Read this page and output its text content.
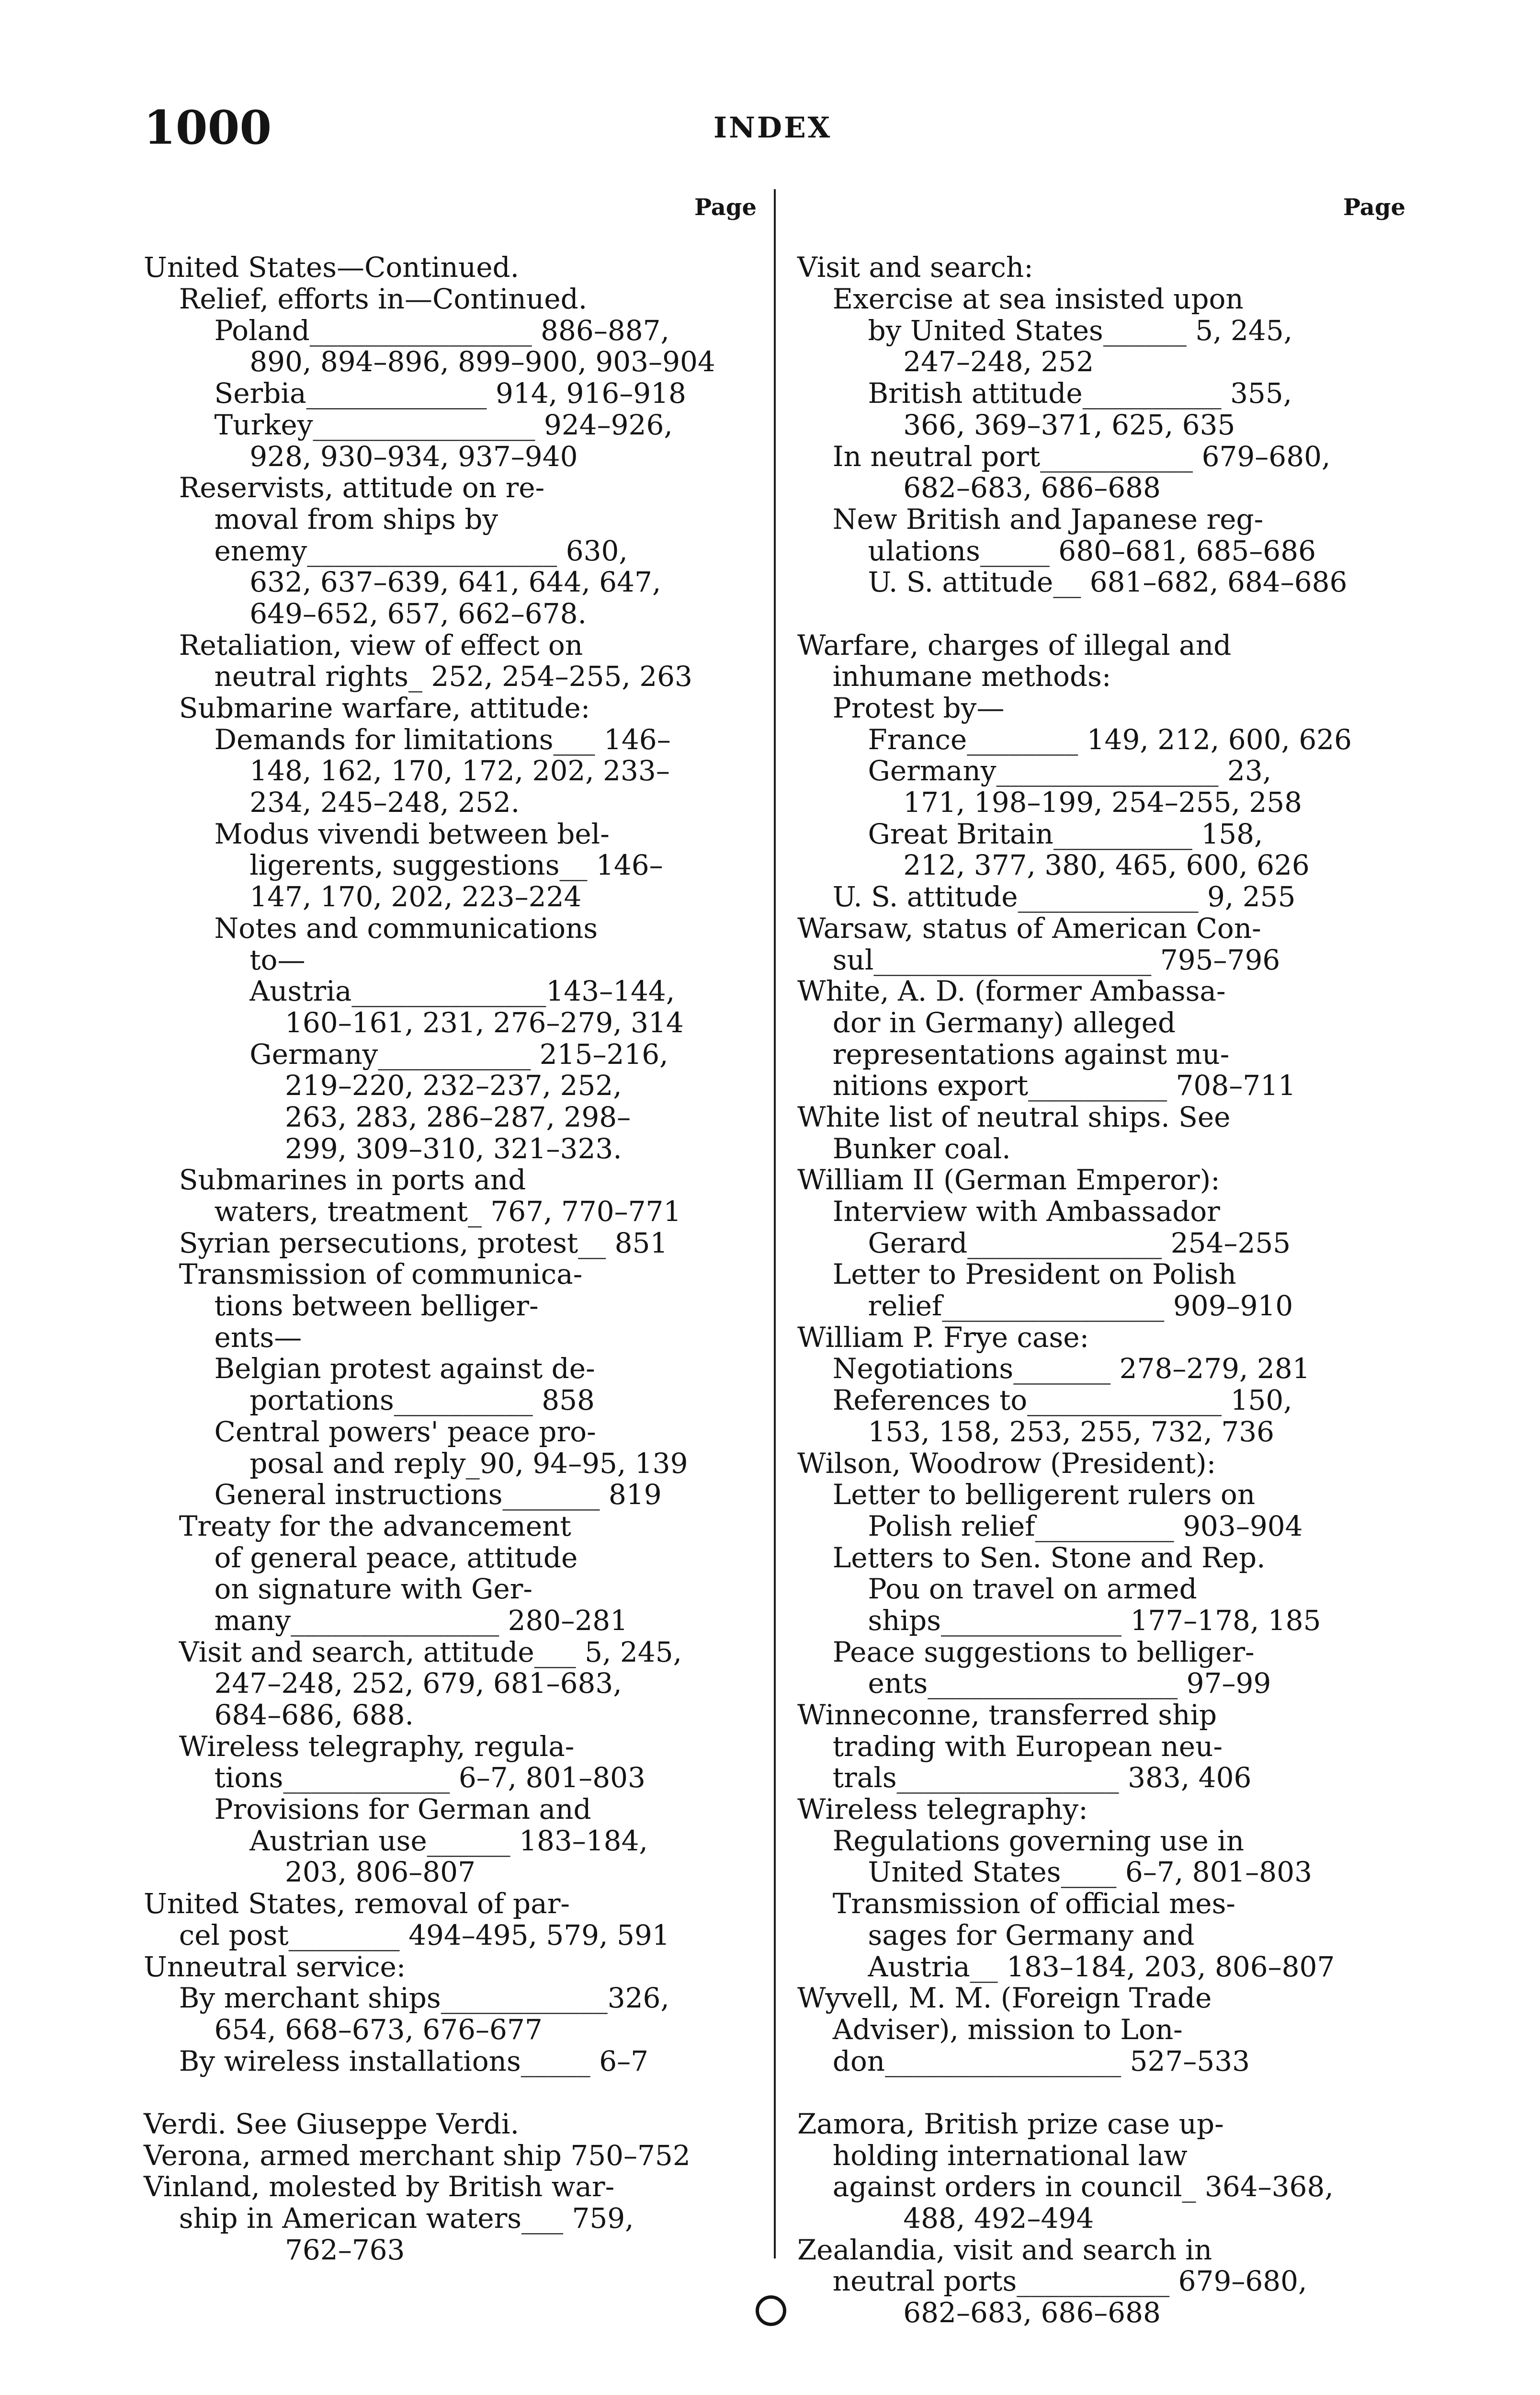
1000	INDEX

Page

United States—Continued.
Relief, efforts in—Continued.
Poland________________ 886–887,
890, 894–896, 899–900, 903–904
Serbia_____________ 914, 916–918
Turkey________________ 924–926,
928, 930–934, 937–940
Reservists, attitude on re-
moval from ships by
enemy__________________ 630,
632, 637–639, 641, 644, 647,
649–652, 657, 662–678.
Retaliation, view of effect on
neutral rights_ 252, 254–255, 263
Submarine warfare, attitude:
Demands for limitations___ 146–
148, 162, 170, 172, 202, 233–
234, 245–248, 252.
Modus vivendi between bel-
ligerents, suggestions__ 146–
147, 170, 202, 223–224
Notes and communications
to—
Austria______________143–144,
160–161, 231, 276–279, 314
Germany___________ 215–216,
219–220, 232–237, 252,
263, 283, 286–287, 298–
299, 309–310, 321–323.
Submarines in ports and
waters, treatment_ 767, 770–771
Syrian persecutions, protest__ 851
Transmission of communica-
tions between belliger-
ents—
Belgian protest against de-
portations__________ 858
Central powers' peace pro-
posal and reply_90, 94–95, 139
General instructions_______ 819
Treaty for the advancement
of general peace, attitude
on signature with Ger-
many_______________ 280–281
Visit and search, attitude___ 5, 245,
247–248, 252, 679, 681–683,
684–686, 688.
Wireless telegraphy, regula-
tions____________ 6–7, 801–803
Provisions for German and
Austrian use______ 183–184,
203, 806–807
United States, removal of par-
cel post________ 494–495, 579, 591
Unneutral service:
By merchant ships____________326,
654, 668–673, 676–677
By wireless installations_____ 6–7
Verdi. See Giuseppe Verdi.
Verona, armed merchant ship 750–752
Vinland, molested by British war-
ship in American waters___ 759,
762–763

Page

Visit and search:
Exercise at sea insisted upon
by United States______ 5, 245,
247–248, 252
British attitude__________ 355,
366, 369–371, 625, 635
In neutral port___________ 679–680,
682–683, 686–688
New British and Japanese reg-
ulations_____ 680–681, 685–686
U. S. attitude__ 681–682, 684–686
Warfare, charges of illegal and
inhumane methods:
Protest by—
France________ 149, 212, 600, 626
Germany________________ 23,
171, 198–199, 254–255, 258
Great Britain__________ 158,
212, 377, 380, 465, 600, 626
U. S. attitude_____________ 9, 255
Warsaw, status of American Con-
sul____________________ 795–796
White, A. D. (former Ambassa-
dor in Germany) alleged
representations against mu-
nitions export__________ 708–711
White list of neutral ships. See
Bunker coal.
William II (German Emperor):
Interview with Ambassador
Gerard______________ 254–255
Letter to President on Polish
relief________________ 909–910
William P. Frye case:
Negotiations_______ 278–279, 281
References to______________ 150,
153, 158, 253, 255, 732, 736
Wilson, Woodrow (President):
Letter to belligerent rulers on
Polish relief__________ 903–904
Letters to Sen. Stone and Rep.
Pou on travel on armed
ships_____________ 177–178, 185
Peace suggestions to belliger-
ents__________________ 97–99
Winneconne, transferred ship
trading with European neu-
trals________________ 383, 406
Wireless telegraphy:
Regulations governing use in
United States____ 6–7, 801–803
Transmission of official mes-
sages for Germany and
Austria__ 183–184, 203, 806–807
Wyvell, M. M. (Foreign Trade
Adviser), mission to Lon-
don_________________ 527–533
Zamora, British prize case up-
holding international law
against orders in council_ 364–368,
488, 492–494
Zealandia, visit and search in
neutral ports___________ 679–680,
682–683, 686–688
